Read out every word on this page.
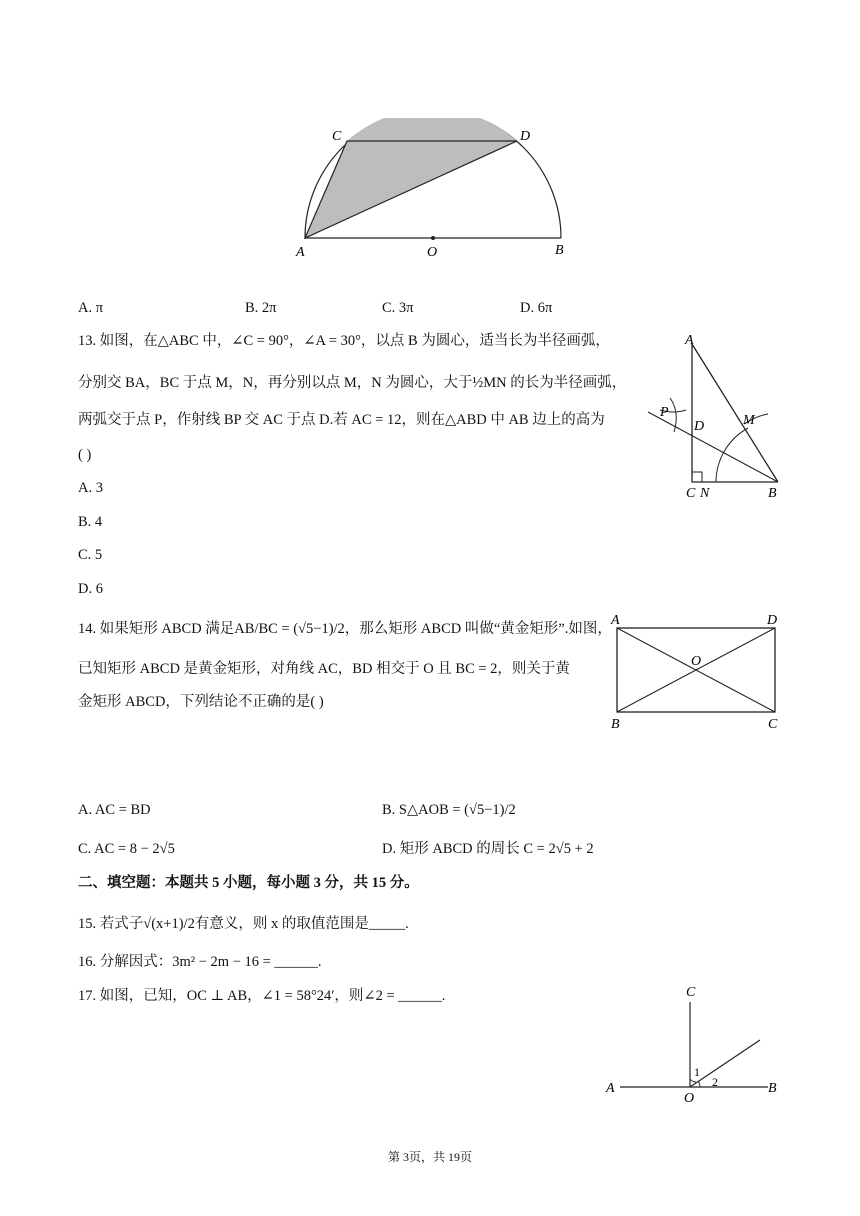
C	D
A	O	B
A. π	B. 2π	C. 3π	D. 6π
13. 如图，在△ABC 中，∠C = 90°，∠A = 30°，以点 B 为圆心，适当长为半径画弧，
分别交 BA，BC 于点 M，N，再分别以点 M，N 为圆心，大于½MN 的长为半径画弧，
两弧交于点 P，作射线 BP 交 AC 于点 D.若 AC = 12，则在△ABD 中 AB 边上的高为
( )
A. 3
B. 4
C. 5
D. 6
A
P
D	M
C N	B
14. 如果矩形 ABCD 满足AB/BC = (√5−1)/2，那么矩形 ABCD 叫做“黄金矩形”.如图，
已知矩形 ABCD 是黄金矩形，对角线 AC，BD 相交于 O 且 BC = 2，则关于黄
金矩形 ABCD，下列结论不正确的是( )
A	D
O
B	C
A. AC = BD	B. S△AOB = (√5−1)/2
C. AC = 8 − 2√5	D. 矩形 ABCD 的周长 C = 2√5 + 2
二、填空题：本题共 5 小题，每小题 3 分，共 15 分。
15. 若式子√(x+1)/2有意义，则 x 的取值范围是_____.
16. 分解因式：3m² − 2m − 16 = ______.
17. 如图，已知，OC ⊥ AB，∠1 = 58°24′，则∠2 = ______.	C
A
O
B
1
2
第 3页，共 19页
